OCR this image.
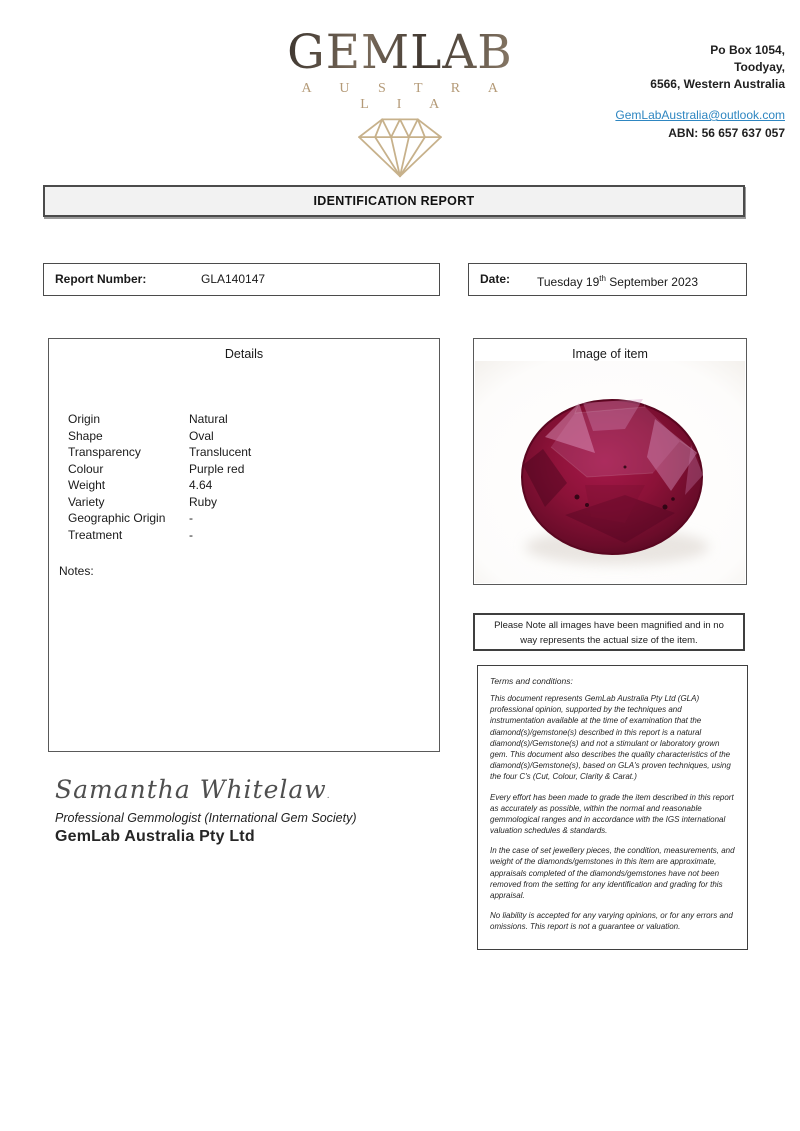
GEMLAB
A U S T R A L I A
Po Box 1054,
Toodyay,
6566, Western Australia
GemLabAustralia@outlook.com
ABN: 56 657 637 057
IDENTIFICATION REPORT
Report Number:	GLA140147	Date: Tuesday 19th September 2023
Details
Origin	Natural
Shape	Oval
Transparency	Translucent
Colour	Purple red
Weight	4.64
Variety	Ruby
Geographic Origin	-
Treatment	-
Notes:
Image of item
Please Note all images have been magnified and in no way represents the actual size of the item.
Terms and conditions:

This document represents GemLab Australia Pty Ltd (GLA) professional opinion, supported by the techniques and instrumentation available at the time of examination that the diamond(s)/gemstone(s) described in this report is a natural diamond(s)/Gemstone(s) and not a stimulant or laboratory grown gem. This document also describes the quality characteristics of the diamond(s)/Gemstone(s), based on GLA's proven techniques, using the four C's (Cut, Colour, Clarity & Carat.)

Every effort has been made to grade the item described in this report as accurately as possible, within the normal and reasonable gemmological ranges and in accordance with the IGS international valuation schedules & standards.

In the case of set jewellery pieces, the condition, measurements, and weight of the diamonds/gemstones in this item are approximate, appraisals completed of the diamonds/gemstones have not been removed from the setting for any identification and grading for this appraisal.

No liability is accepted for any varying opinions, or for any errors and omissions. This report is not a guarantee or valuation.

Samantha Whitelaw.
Professional Gemmologist (International Gem Society)
GemLab Australia Pty Ltd
